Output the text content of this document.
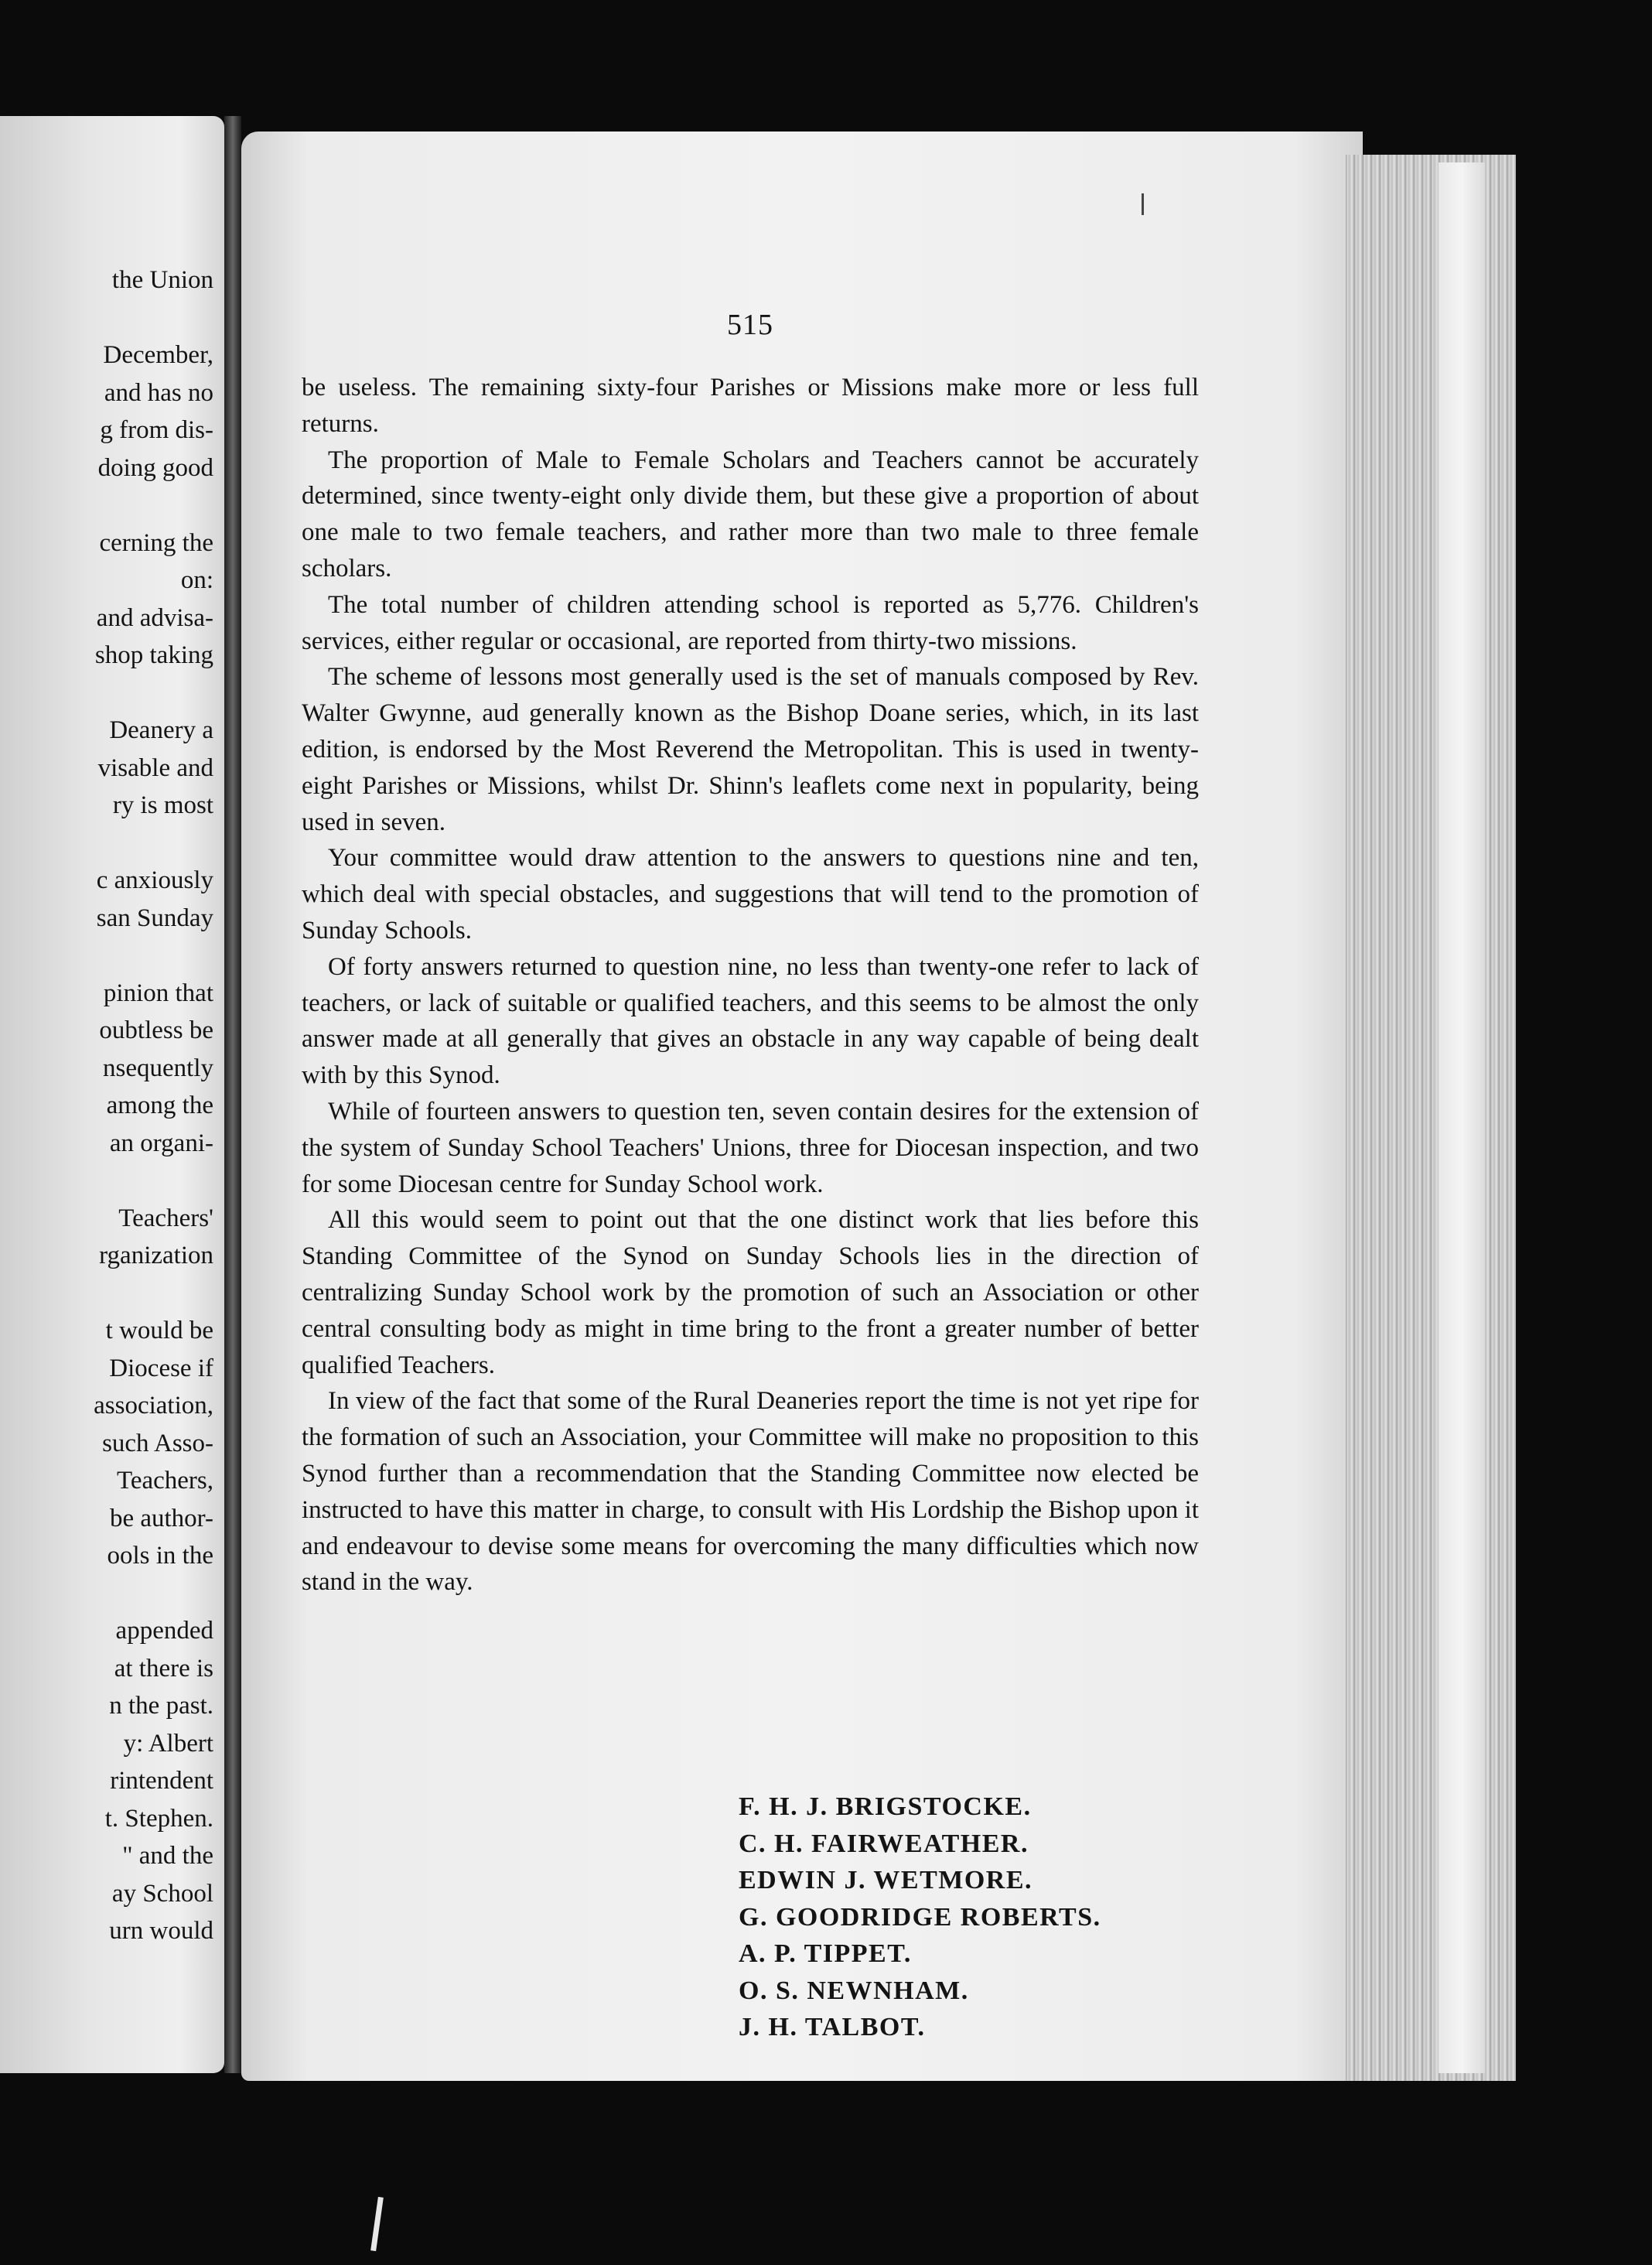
the Union

December,

and has no

g from dis-

doing good

cerning the

on:

and advisa-

shop taking

Deanery a

visable and

ry is most

c anxiously

san Sunday

pinion that

oubtless be

nsequently

among the

an organi-

Teachers'

rganization

t would be

Diocese if

association,

such Asso-

Teachers,

be author-

ools in the

appended

at there is

n the past.

y: Albert

rintendent

t. Stephen.

" and the

ay School

urn would

515

be useless. The remaining sixty-four Parishes or Missions make more or less full returns.

The proportion of Male to Female Scholars and Teachers cannot be accurately determined, since twenty-eight only divide them, but these give a proportion of about one male to two female teachers, and rather more than two male to three female scholars.

The total number of children attending school is reported as 5,776. Children's services, either regular or occasional, are reported from thirty-two missions.

The scheme of lessons most generally used is the set of manuals composed by Rev. Walter Gwynne, aud generally known as the Bishop Doane series, which, in its last edition, is endorsed by the Most Reverend the Metropolitan. This is used in twenty-eight Parishes or Missions, whilst Dr. Shinn's leaflets come next in popularity, being used in seven.

Your committee would draw attention to the answers to questions nine and ten, which deal with special obstacles, and suggestions that will tend to the promotion of Sunday Schools.

Of forty answers returned to question nine, no less than twenty-one refer to lack of teachers, or lack of suitable or qualified teachers, and this seems to be almost the only answer made at all generally that gives an obstacle in any way capable of being dealt with by this Synod.

While of fourteen answers to question ten, seven contain desires for the extension of the system of Sunday School Teachers' Unions, three for Diocesan inspection, and two for some Diocesan centre for Sunday School work.

All this would seem to point out that the one distinct work that lies before this Standing Committee of the Synod on Sunday Schools lies in the direction of centralizing Sunday School work by the promotion of such an Association or other central consulting body as might in time bring to the front a greater number of better qualified Teachers.

In view of the fact that some of the Rural Deaneries report the time is not yet ripe for the formation of such an Association, your Committee will make no proposition to this Synod further than a recommendation that the Standing Committee now elected be instructed to have this matter in charge, to consult with His Lordship the Bishop upon it and endeavour to devise some means for overcoming the many difficulties which now stand in the way.

F. H. J. BRIGSTOCKE.
C. H. FAIRWEATHER.
EDWIN J. WETMORE.
G. GOODRIDGE ROBERTS.
A. P. TIPPET.
O. S. NEWNHAM.
J. H. TALBOT.
